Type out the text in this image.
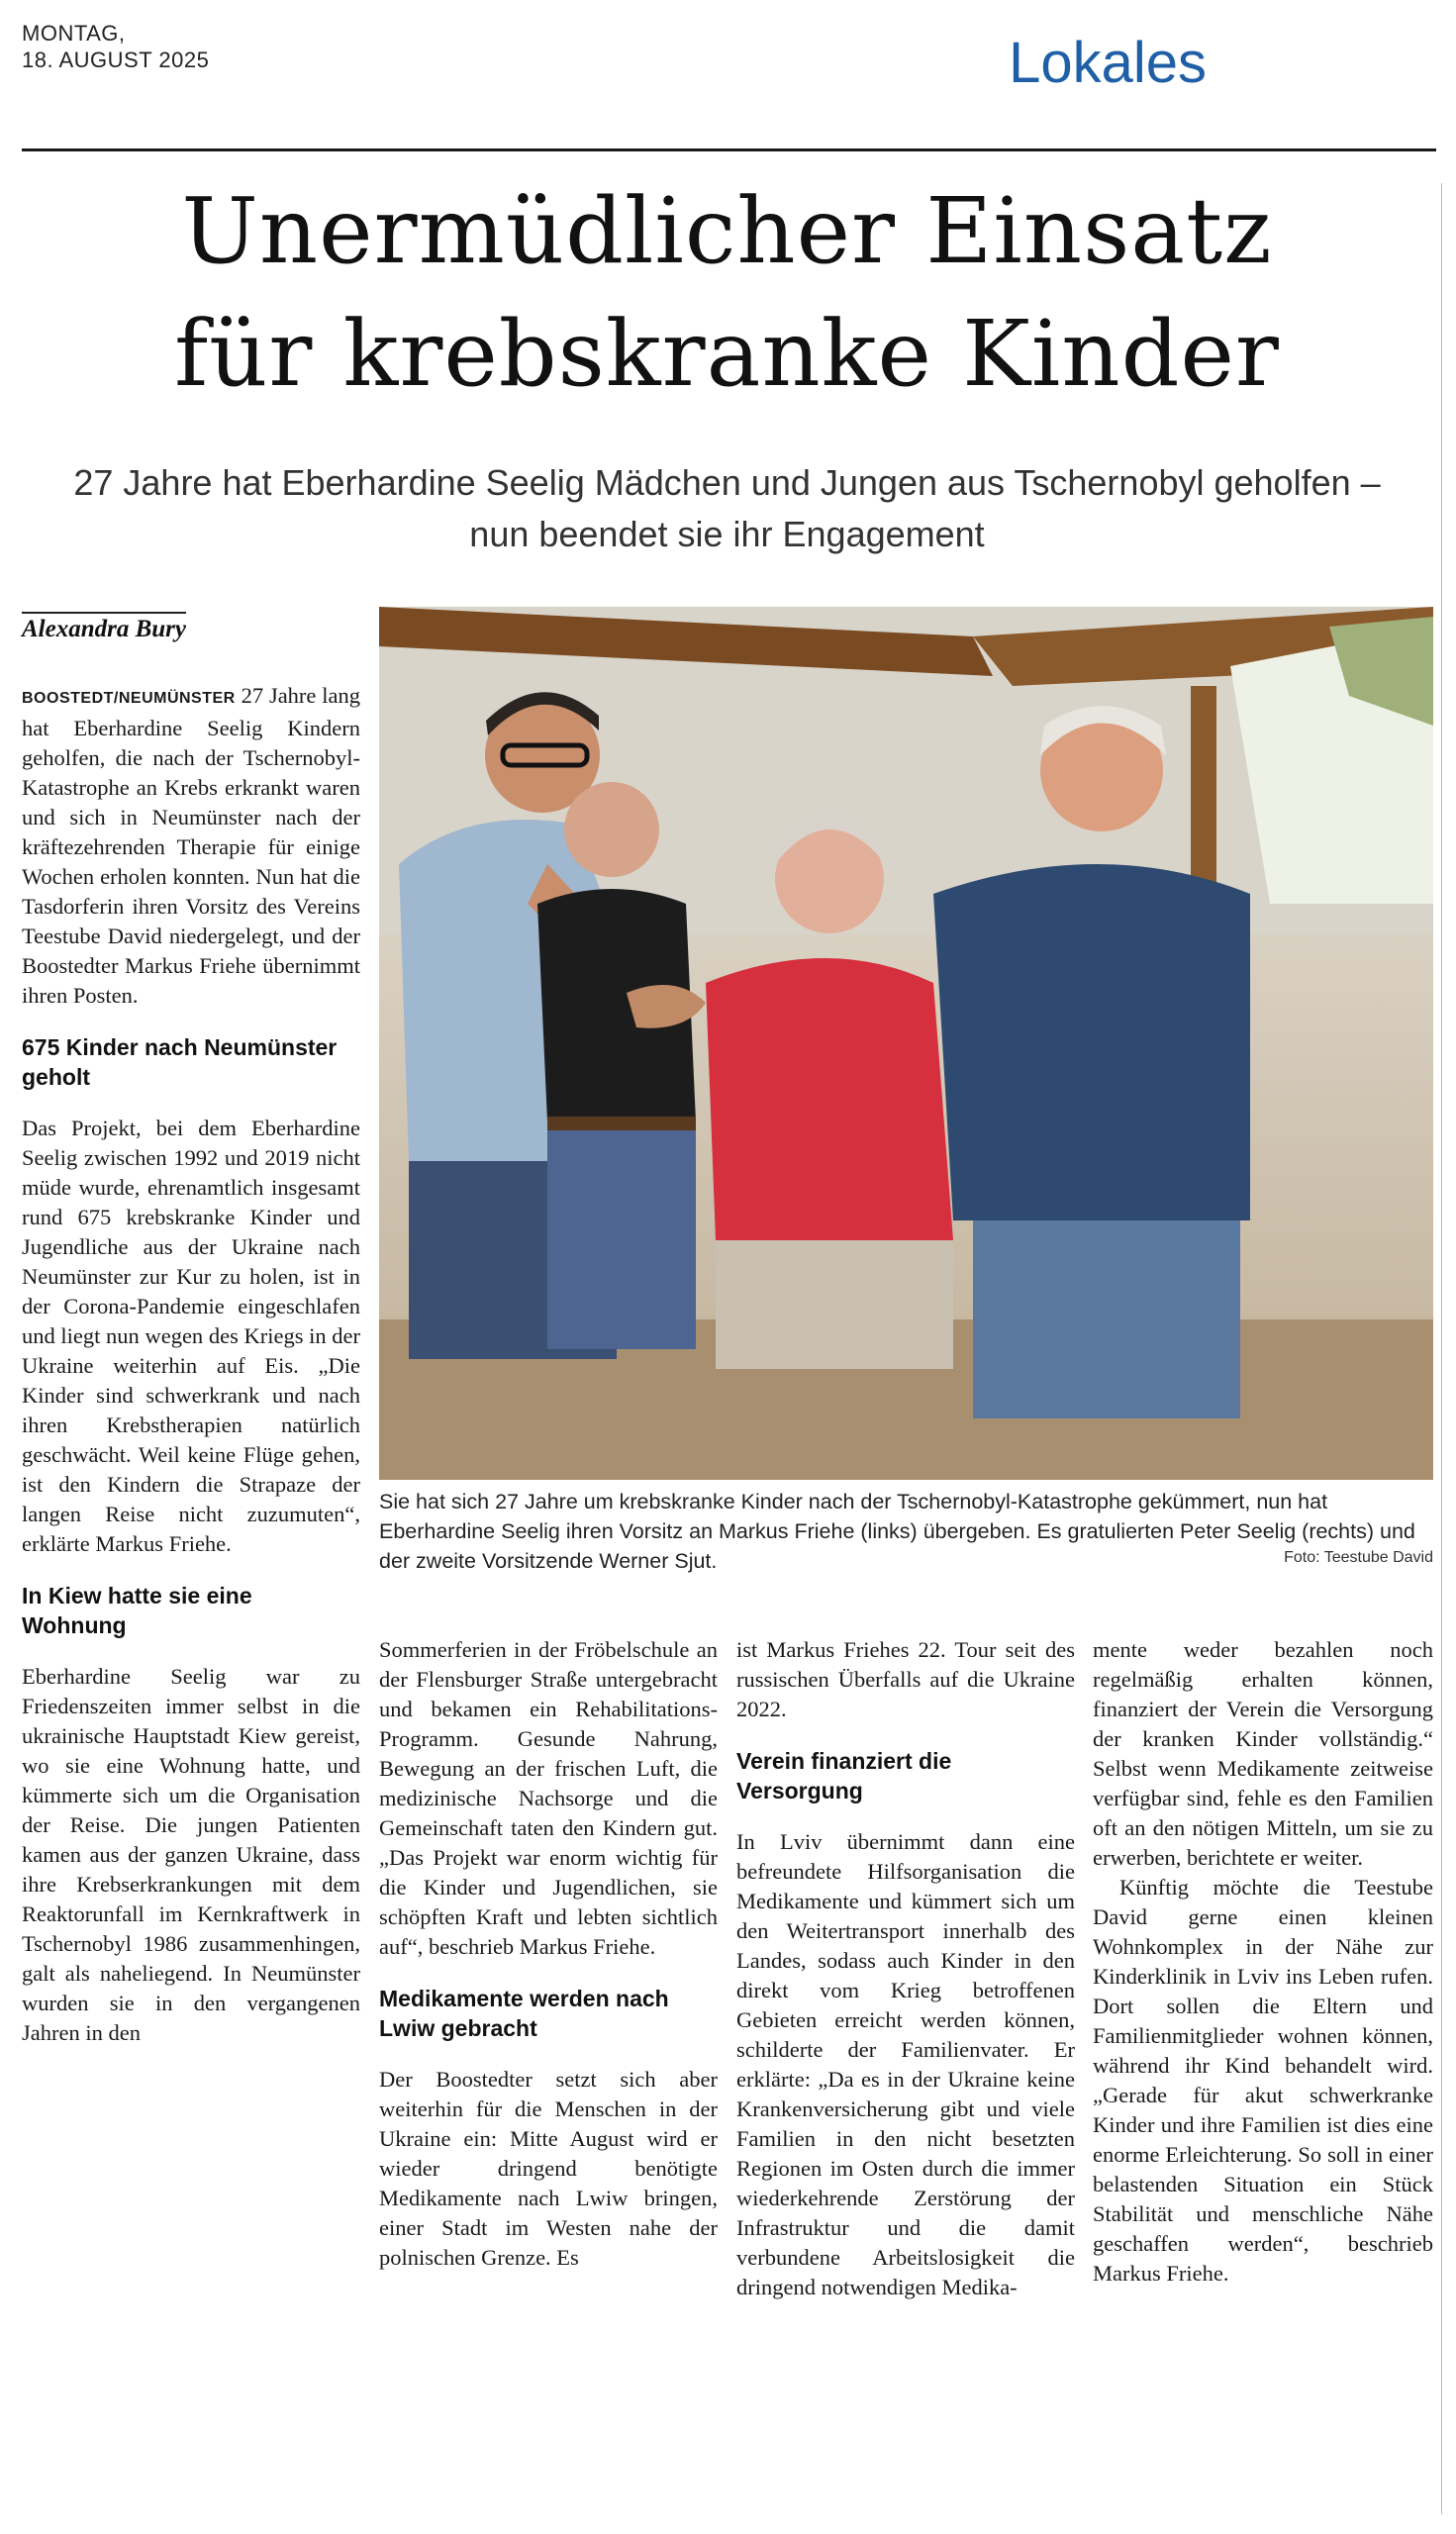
MONTAG,
18. AUGUST 2025	Lokales
Unermüdlicher Einsatz
für krebskranke Kinder
27 Jahre hat Eberhardine Seelig Mädchen und Jungen aus Tschernobyl geholfen –
nun beendet sie ihr Engagement
Alexandra Bury

BOOSTEDT/NEUMÜNSTER 27 Jahre lang hat Eberhardine Seelig Kindern geholfen, die nach der Tschernobyl-Katastrophe an Krebs erkrankt waren und sich in Neumünster nach der kräftezehrenden Therapie für einige Wochen erholen konnten. Nun hat die Tasdorferin ihren Vorsitz des Vereins Teestube David niedergelegt, und der Boostedter Markus Friehe übernimmt ihren Posten.

675 Kinder nach Neumünster geholt

Das Projekt, bei dem Eberhardine Seelig zwischen 1992 und 2019 nicht müde wurde, ehrenamtlich insgesamt rund 675 krebskranke Kinder und Jugendliche aus der Ukraine nach Neumünster zur Kur zu holen, ist in der Corona-Pandemie eingeschlafen und liegt nun wegen des Kriegs in der Ukraine weiterhin auf Eis. „Die Kinder sind schwerkrank und nach ihren Krebstherapien natürlich geschwächt. Weil keine Flüge gehen, ist den Kindern die Strapaze der langen Reise nicht zuzumuten“, erklärte Markus Friehe.

In Kiew hatte sie eine Wohnung

Eberhardine Seelig war zu Friedenszeiten immer selbst in die ukrainische Hauptstadt Kiew gereist, wo sie eine Wohnung hatte, und kümmerte sich um die Organisation der Reise. Die jungen Patienten kamen aus der ganzen Ukraine, dass ihre Krebserkrankungen mit dem Reaktorunfall im Kernkraftwerk in Tschernobyl 1986 zusammenhingen, galt als naheliegend. In Neumünster wurden sie in den vergangenen Jahren in den

Sie hat sich 27 Jahre um krebskranke Kinder nach der Tschernobyl-Katastrophe gekümmert, nun hat Eberhardine Seelig ihren Vorsitz an Markus Friehe (links) übergeben. Es gratulierten Peter Seelig (rechts) und der zweite Vorsitzende Werner Sjut.	Foto: Teestube David

Sommerferien in der Fröbelschule an der Flensburger Straße untergebracht und bekamen ein Rehabilitations-Programm. Gesunde Nahrung, Bewegung an der frischen Luft, die medizinische Nachsorge und die Gemeinschaft taten den Kindern gut. „Das Projekt war enorm wichtig für die Kinder und Jugendlichen, sie schöpften Kraft und lebten sichtlich auf“, beschrieb Markus Friehe.

Medikamente werden nach Lwiw gebracht

Der Boostedter setzt sich aber weiterhin für die Menschen in der Ukraine ein: Mitte August wird er wieder dringend benötigte Medikamente nach Lwiw bringen, einer Stadt im Westen nahe der polnischen Grenze. Es

ist Markus Friehes 22. Tour seit des russischen Überfalls auf die Ukraine 2022.

Verein finanziert die Versorgung

In Lviv übernimmt dann eine befreundete Hilfsorganisation die Medikamente und kümmert sich um den Weitertransport innerhalb des Landes, sodass auch Kinder in den direkt vom Krieg betroffenen Gebieten erreicht werden können, schilderte der Familienvater. Er erklärte: „Da es in der Ukraine keine Krankenversicherung gibt und viele Familien in den nicht besetzten Regionen im Osten durch die immer wiederkehrende Zerstörung der Infrastruktur und die damit verbundene Arbeitslosigkeit die dringend notwendigen Medika-

mente weder bezahlen noch regelmäßig erhalten können, finanziert der Verein die Versorgung der kranken Kinder vollständig.“ Selbst wenn Medikamente zeitweise verfügbar sind, fehle es den Familien oft an den nötigen Mitteln, um sie zu erwerben, berichtete er weiter.

Künftig möchte die Teestube David gerne einen kleinen Wohnkomplex in der Nähe zur Kinderklinik in Lviv ins Leben rufen. Dort sollen die Eltern und Familienmitglieder wohnen können, während ihr Kind behandelt wird. „Gerade für akut schwerkranke Kinder und ihre Familien ist dies eine enorme Erleichterung. So soll in einer belastenden Situation ein Stück Stabilität und menschliche Nähe geschaffen werden“, beschrieb Markus Friehe.
